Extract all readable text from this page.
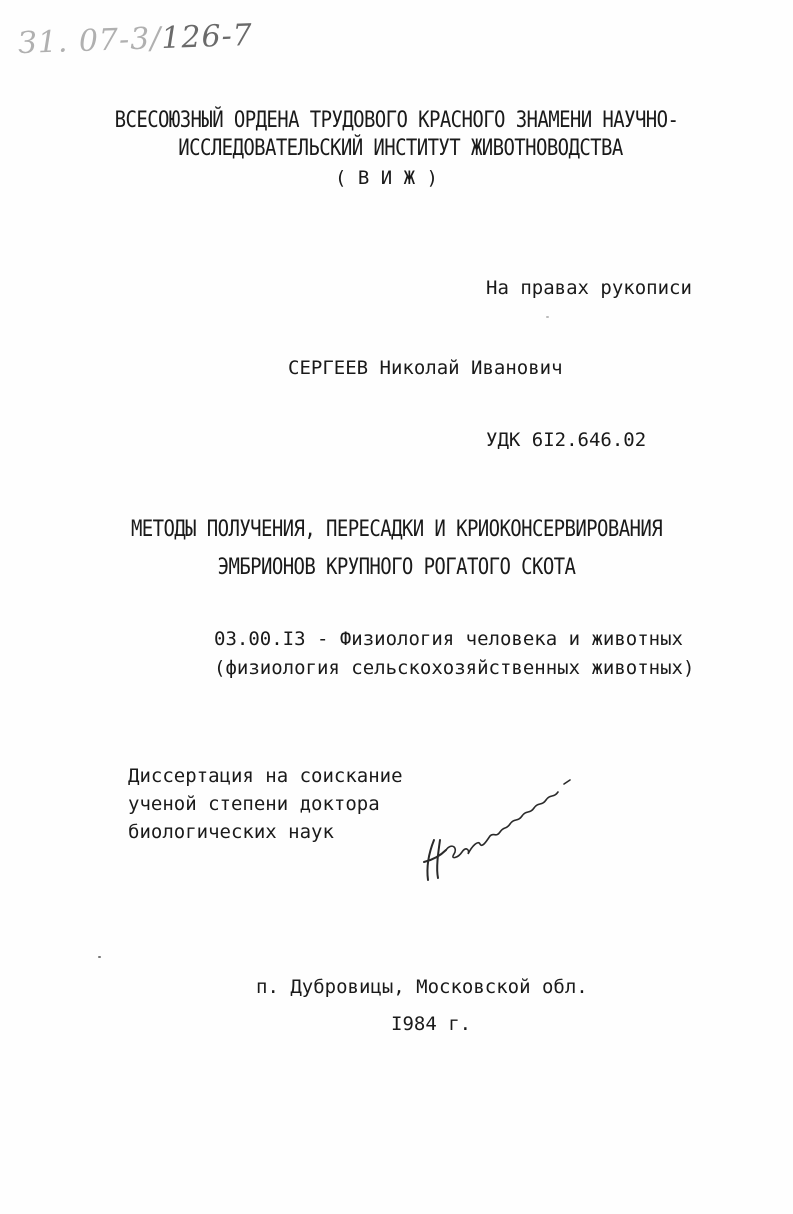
З1. 07-3/126-7
ВСЕСОЮЗНЫЙ ОРДЕНА ТРУДОВОГО КРАСНОГО ЗНАМЕНИ НАУЧНО-
ИССЛЕДОВАТЕЛЬСКИЙ ИНСТИТУТ ЖИВОТНОВОДСТВА
( В И Ж )
На правах рукописи
СЕРГЕЕВ Николай Иванович
УДК 6I2.646.02
МЕТОДЫ ПОЛУЧЕНИЯ, ПЕРЕСАДКИ И КРИОКОНСЕРВИРОВАНИЯ
ЭМБРИОНОВ КРУПНОГО РОГАТОГО СКОТА
03.00.I3 - Физиология человека и животных
(физиология сельскохозяйственных животных)
Диссертация на соискание
ученой степени доктора
биологических наук
п. Дубровицы, Московской обл.
I984 г.
